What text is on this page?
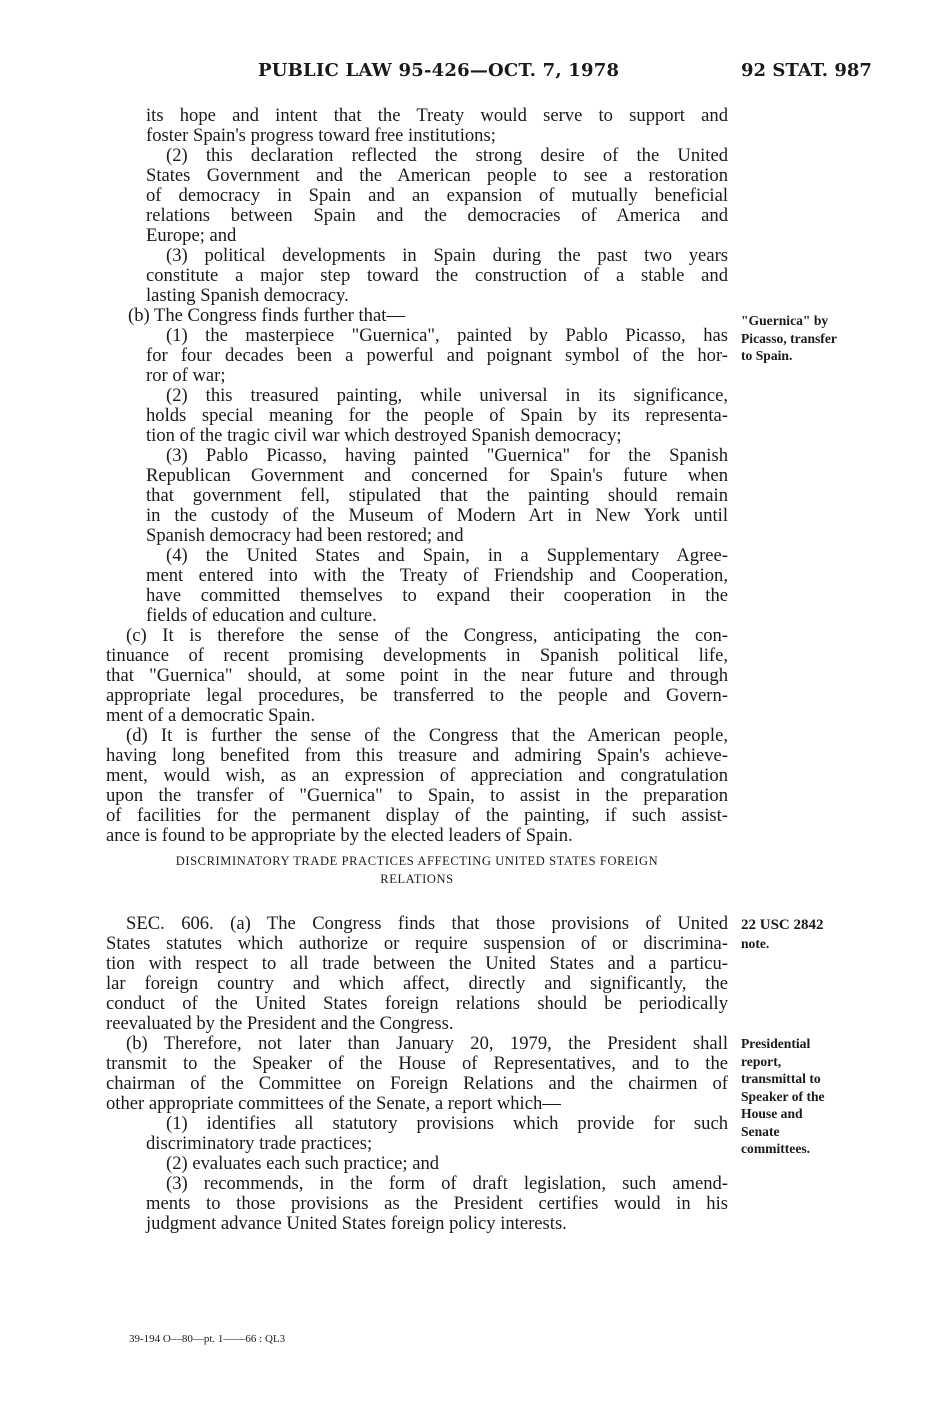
PUBLIC LAW 95-426—OCT. 7, 1978	92 STAT. 987
its hope and intent that the Treaty would serve to support and
foster Spain's progress toward free institutions;
(2) this declaration reflected the strong desire of the United
States Government and the American people to see a restoration
of democracy in Spain and an expansion of mutually beneficial
relations between Spain and the democracies of America and
Europe; and
(3) political developments in Spain during the past two years
constitute a major step toward the construction of a stable and
lasting Spanish democracy.
(b) The Congress finds further that—
(1) the masterpiece "Guernica", painted by Pablo Picasso, has
for four decades been a powerful and poignant symbol of the hor-
ror of war;
(2) this treasured painting, while universal in its significance,
holds special meaning for the people of Spain by its representa-
tion of the tragic civil war which destroyed Spanish democracy;
(3) Pablo Picasso, having painted "Guernica" for the Spanish
Republican Government and concerned for Spain's future when
that government fell, stipulated that the painting should remain
in the custody of the Museum of Modern Art in New York until
Spanish democracy had been restored; and
(4) the United States and Spain, in a Supplementary Agree-
ment entered into with the Treaty of Friendship and Cooperation,
have committed themselves to expand their cooperation in the
fields of education and culture.
(c) It is therefore the sense of the Congress, anticipating the con-
tinuance of recent promising developments in Spanish political life,
that "Guernica" should, at some point in the near future and through
appropriate legal procedures, be transferred to the people and Govern-
ment of a democratic Spain.
(d) It is further the sense of the Congress that the American people,
having long benefited from this treasure and admiring Spain's achieve-
ment, would wish, as an expression of appreciation and congratulation
upon the transfer of "Guernica" to Spain, to assist in the preparation
of facilities for the permanent display of the painting, if such assist-
ance is found to be appropriate by the elected leaders of Spain.
DISCRIMINATORY TRADE PRACTICES AFFECTING UNITED STATES FOREIGN
RELATIONS
SEC. 606. (a) The Congress finds that those provisions of United
States statutes which authorize or require suspension of or discrimina-
tion with respect to all trade between the United States and a particu-
lar foreign country and which affect, directly and significantly, the
conduct of the United States foreign relations should be periodically
reevaluated by the President and the Congress.
(b) Therefore, not later than January 20, 1979, the President shall
transmit to the Speaker of the House of Representatives, and to the
chairman of the Committee on Foreign Relations and the chairmen of
other appropriate committees of the Senate, a report which—
(1) identifies all statutory provisions which provide for such
discriminatory trade practices;
(2) evaluates each such practice; and
(3) recommends, in the form of draft legislation, such amend-
ments to those provisions as the President certifies would in his
judgment advance United States foreign policy interests.
"Guernica" by
Picasso, transfer
to Spain.
22 USC 2842
note.
Presidential
report,
transmittal to
Speaker of the
House and
Senate
committees.
39-194 O—80—pt. 1——66 : QL3
